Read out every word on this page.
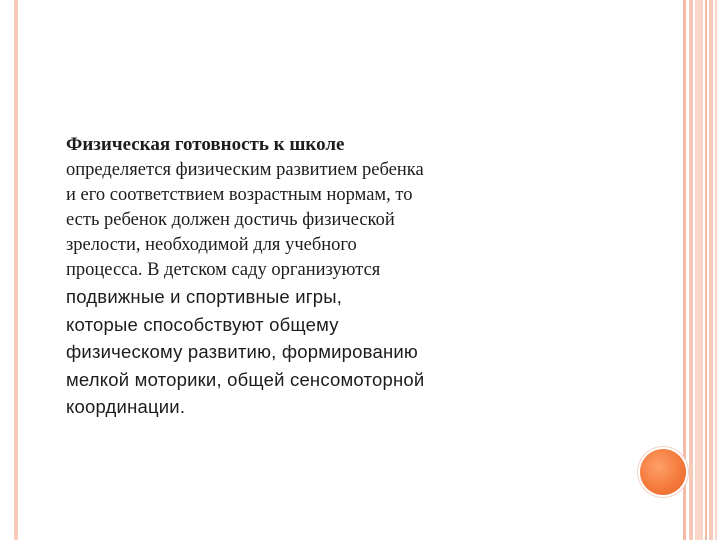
Физическая готовность к школе
определяется физическим развитием ребенка
и его соответствием возрастным нормам, то
есть ребенок должен достичь физической
зрелости, необходимой для учебного
процесса. В детском саду организуются
подвижные и спортивные игры,
которые способствуют общему
физическому развитию, формированию
мелкой моторики, общей сенсомоторной
координации.
